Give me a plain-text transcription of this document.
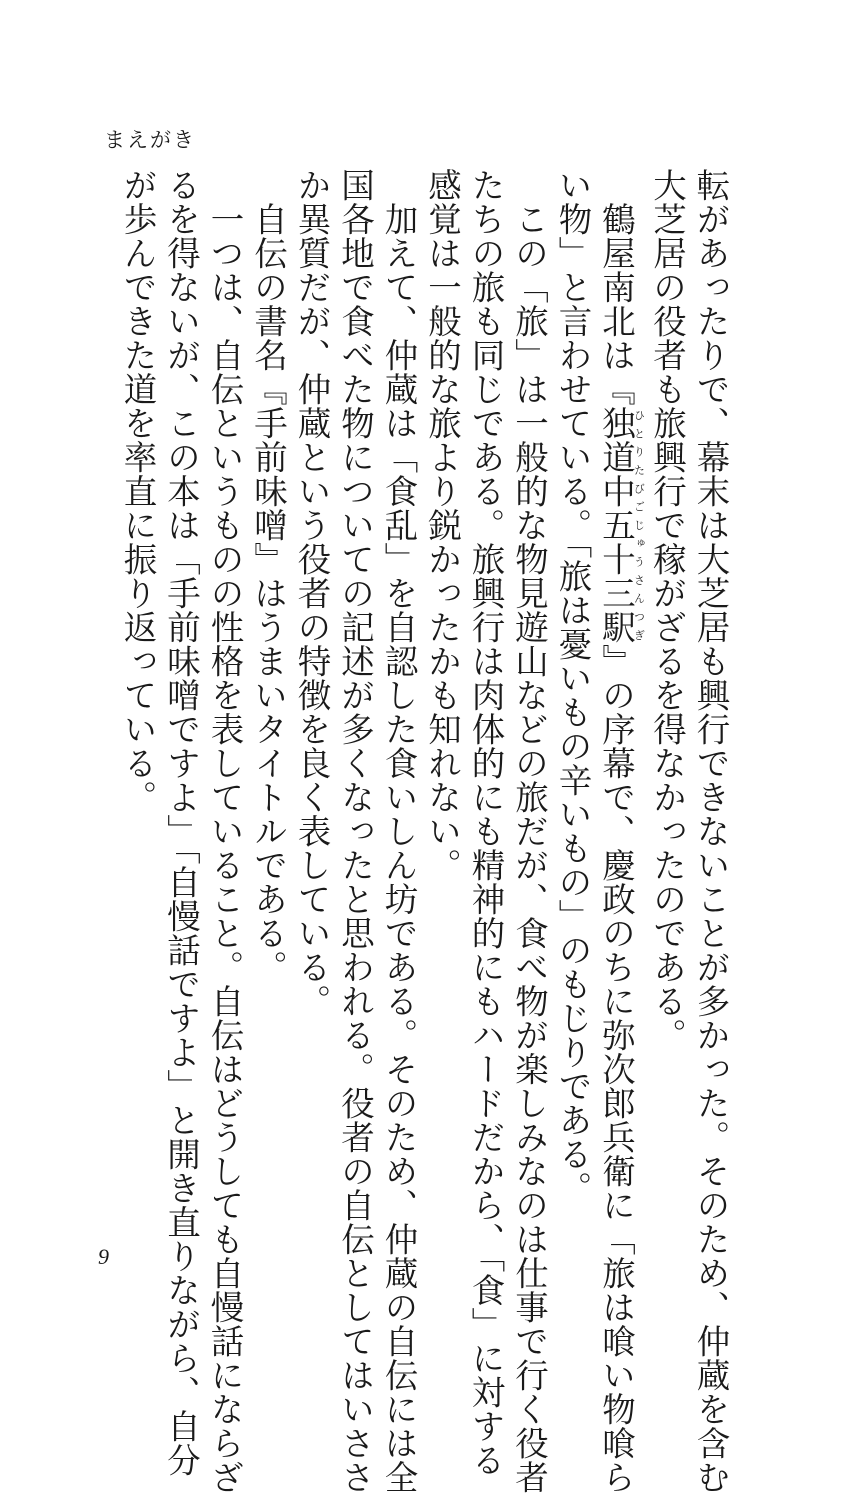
まえがき

転があったりで、幕末は大芝居も興行できないことが多かった。そのため、仲蔵を含む

大芝居の役者も旅興行で稼がざるを得なかったのである。

　鶴屋南北は『独道中五十三駅ひとりたびごじゅうさんつぎ』の序幕で、慶政のちに弥次郎兵衛に「旅は喰い物喰ら

い物」と言わせている。「旅は憂いもの辛いもの」のもじりである。

　この「旅」は一般的な物見遊山などの旅だが、食べ物が楽しみなのは仕事で行く役者

たちの旅も同じである。旅興行は肉体的にも精神的にもハードだから、「食」に対する

感覚は一般的な旅より鋭かったかも知れない。

　加えて、仲蔵は「食乱」を自認した食いしん坊である。そのため、仲蔵の自伝には全

国各地で食べた物についての記述が多くなったと思われる。役者の自伝としてはいささ

か異質だが、仲蔵という役者の特徴を良く表している。

　自伝の書名『手前味噌』はうまいタイトルである。

　一つは、自伝というものの性格を表していること。自伝はどうしても自慢話にならざ

るを得ないが、この本は「手前味噌ですよ」「自慢話ですよ」と開き直りながら、自分

が歩んできた道を率直に振り返っている。

9
